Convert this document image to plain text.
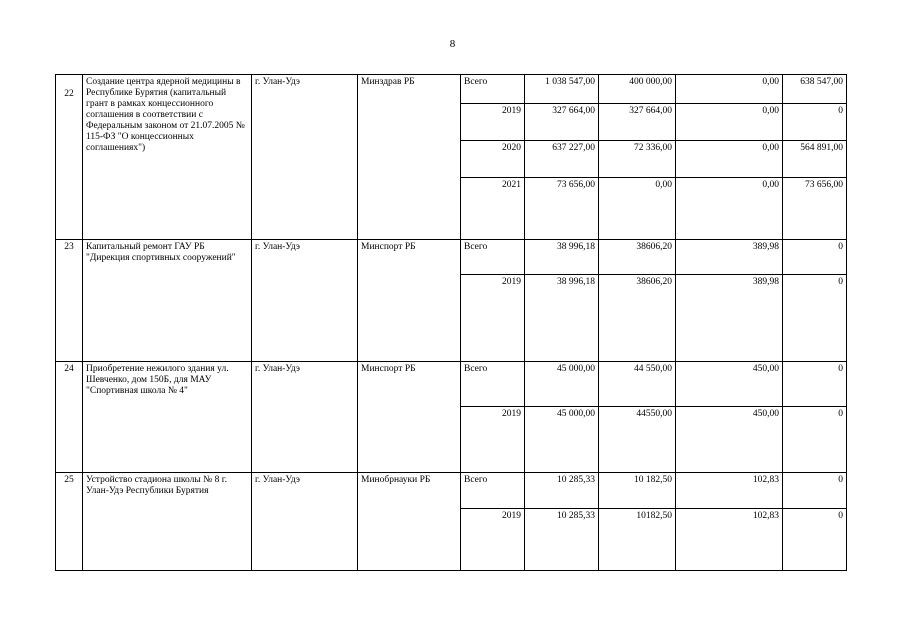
8
22	Создание центра ядерной медицины в Республике Бурятия (капитальный грант в рамках концессионного соглашения в соответствии с Федеральным законом от 21.07.2005 № 115-ФЗ "О концессионных соглашениях")	г. Улан-Удэ	Минздрав РБ	Всего	1 038 547,00	400 000,00	0,00	638 547,00
				2019	327 664,00	327 664,00	0,00	0
				2020	637 227,00	72 336,00	0,00	564 891,00
				2021	73 656,00	0,00	0,00	73 656,00
23	Капитальный ремонт ГАУ РБ "Дирекция спортивных сооружений"	г. Улан-Удэ	Минспорт РБ	Всего	38 996,18	38606,20	389,98	0
				2019	38 996,18	38606,20	389,98	0
24	Приобретение нежилого здания ул. Шевченко, дом 150Б, для МАУ "Спортивная школа № 4"	г. Улан-Удэ	Минспорт РБ	Всего	45 000,00	44 550,00	450,00	0
				2019	45 000,00	44550,00	450,00	0
25	Устройство стадиона школы № 8 г. Улан-Удэ Республики Бурятия	г. Улан-Удэ	Минобрнауки РБ	Всего	10 285,33	10 182,50	102,83	0
				2019	10 285,33	10182,50	102,83	0
